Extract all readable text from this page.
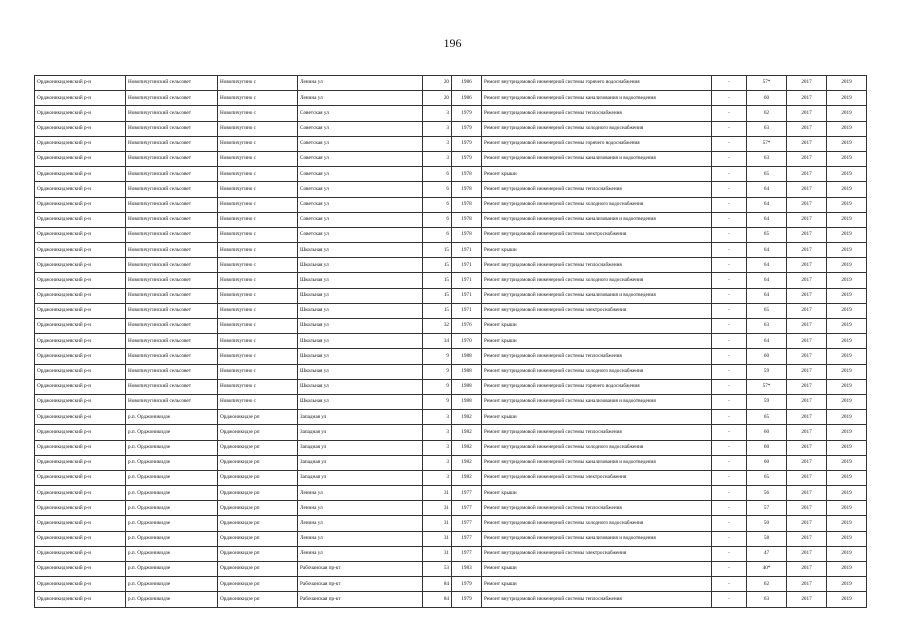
196
Орджоникидзевский р-н	Новопичугинский сельсовет	Новопичугино с	Ленина ул	20	1986	Ремонт внутридомовой инженерной системы горячего водоснабжения	-	57*	2017	2019
Орджоникидзевский р-н	Новопичугинский сельсовет	Новопичугино с	Ленина ул	20	1986	Ремонт внутридомовой инженерной системы канализования и водоотведения	-	60	2017	2019
Орджоникидзевский р-н	Новопичугинский сельсовет	Новопичугино с	Советская ул	3	1979	Ремонт внутридомовой инженерной системы теплоснабжения	-	62	2017	2019
Орджоникидзевский р-н	Новопичугинский сельсовет	Новопичугино с	Советская ул	3	1979	Ремонт внутридомовой инженерной системы холодного водоснабжения	-	63	2017	2019
Орджоникидзевский р-н	Новопичугинский сельсовет	Новопичугино с	Советская ул	3	1979	Ремонт внутридомовой инженерной системы горячего водоснабжения	-	57*	2017	2019
Орджоникидзевский р-н	Новопичугинский сельсовет	Новопичугино с	Советская ул	3	1979	Ремонт внутридомовой инженерной системы канализования и водоотведения	-	63	2017	2019
Орджоникидзевский р-н	Новопичугинский сельсовет	Новопичугино с	Советская ул	6	1978	Ремонт крыши	-	65	2017	2019
Орджоникидзевский р-н	Новопичугинский сельсовет	Новопичугино с	Советская ул	6	1978	Ремонт внутридомовой инженерной системы теплоснабжения	-	64	2017	2019
Орджоникидзевский р-н	Новопичугинский сельсовет	Новопичугино с	Советская ул	6	1978	Ремонт внутридомовой инженерной системы холодного водоснабжения	-	64	2017	2019
Орджоникидзевский р-н	Новопичугинский сельсовет	Новопичугино с	Советская ул	6	1978	Ремонт внутридомовой инженерной системы канализования и водоотведения	-	64	2017	2019
Орджоникидзевский р-н	Новопичугинский сельсовет	Новопичугино с	Советская ул	6	1978	Ремонт внутридомовой инженерной системы электроснабжения	-	65	2017	2019
Орджоникидзевский р-н	Новопичугинский сельсовет	Новопичугино с	Школьная ул	15	1971	Ремонт крыши	-	64	2017	2019
Орджоникидзевский р-н	Новопичугинский сельсовет	Новопичугино с	Школьная ул	15	1971	Ремонт внутридомовой инженерной системы теплоснабжения	-	64	2017	2019
Орджоникидзевский р-н	Новопичугинский сельсовет	Новопичугино с	Школьная ул	15	1971	Ремонт внутридомовой инженерной системы холодного водоснабжения	-	64	2017	2019
Орджоникидзевский р-н	Новопичугинский сельсовет	Новопичугино с	Школьная ул	15	1971	Ремонт внутридомовой инженерной системы канализования и водоотведения	-	64	2017	2019
Орджоникидзевский р-н	Новопичугинский сельсовет	Новопичугино с	Школьная ул	15	1971	Ремонт внутридомовой инженерной системы электроснабжения	-	65	2017	2019
Орджоникидзевский р-н	Новопичугинский сельсовет	Новопичугино с	Школьная ул	32	1976	Ремонт крыши	-	63	2017	2019
Орджоникидзевский р-н	Новопичугинский сельсовет	Новопичугино с	Школьная ул	34	1970	Ремонт крыши	-	64	2017	2019
Орджоникидзевский р-н	Новопичугинский сельсовет	Новопичугино с	Школьная ул	9	1988	Ремонт внутридомовой инженерной системы теплоснабжения	-	60	2017	2019
Орджоникидзевский р-н	Новопичугинский сельсовет	Новопичугино с	Школьная ул	9	1988	Ремонт внутридомовой инженерной системы холодного водоснабжения	-	59	2017	2019
Орджоникидзевский р-н	Новопичугинский сельсовет	Новопичугино с	Школьная ул	9	1988	Ремонт внутридомовой инженерной системы горячего водоснабжения	-	57*	2017	2019
Орджоникидзевский р-н	Новопичугинский сельсовет	Новопичугино с	Школьная ул	9	1988	Ремонт внутридомовой инженерной системы канализования и водоотведения	-	59	2017	2019
Орджоникидзевский р-н	р.п. Орджоникидзе	Орджоникидзе рп	Западная ул	3	1982	Ремонт крыши	-	65	2017	2019
Орджоникидзевский р-н	р.п. Орджоникидзе	Орджоникидзе рп	Западная ул	3	1982	Ремонт внутридомовой инженерной системы теплоснабжения	-	60	2017	2019
Орджоникидзевский р-н	р.п. Орджоникидзе	Орджоникидзе рп	Западная ул	3	1982	Ремонт внутридомовой инженерной системы холодного водоснабжения	-	60	2017	2019
Орджоникидзевский р-н	р.п. Орджоникидзе	Орджоникидзе рп	Западная ул	3	1982	Ремонт внутридомовой инженерной системы канализования и водоотведения	-	60	2017	2019
Орджоникидзевский р-н	р.п. Орджоникидзе	Орджоникидзе рп	Западная ул	3	1982	Ремонт внутридомовой инженерной системы электроснабжения	-	65	2017	2019
Орджоникидзевский р-н	р.п. Орджоникидзе	Орджоникидзе рп	Ленина ул	31	1977	Ремонт крыши	-	56	2017	2019
Орджоникидзевский р-н	р.п. Орджоникидзе	Орджоникидзе рп	Ленина ул	31	1977	Ремонт внутридомовой инженерной системы теплоснабжения	-	57	2017	2019
Орджоникидзевский р-н	р.п. Орджоникидзе	Орджоникидзе рп	Ленина ул	31	1977	Ремонт внутридомовой инженерной системы холодного водоснабжения	-	50	2017	2019
Орджоникидзевский р-н	р.п. Орджоникидзе	Орджоникидзе рп	Ленина ул	31	1977	Ремонт внутридомовой инженерной системы канализования и водоотведения	-	58	2017	2019
Орджоникидзевский р-н	р.п. Орджоникидзе	Орджоникидзе рп	Ленина ул	31	1977	Ремонт внутридомовой инженерной системы электроснабжения	-	47	2017	2019
Орджоникидзевский р-н	р.п. Орджоникидзе	Орджоникидзе рп	Рабочанская пр-кт	53	1983	Ремонт крыши	-	40*	2017	2019
Орджоникидзевский р-н	р.п. Орджоникидзе	Орджоникидзе рп	Рабочанская пр-кт	84	1979	Ремонт крыши	-	62	2017	2019
Орджоникидзевский р-н	р.п. Орджоникидзе	Орджоникидзе рп	Рабочанская пр-кт	84	1979	Ремонт внутридомовой инженерной системы теплоснабжения	-	63	2017	2019
